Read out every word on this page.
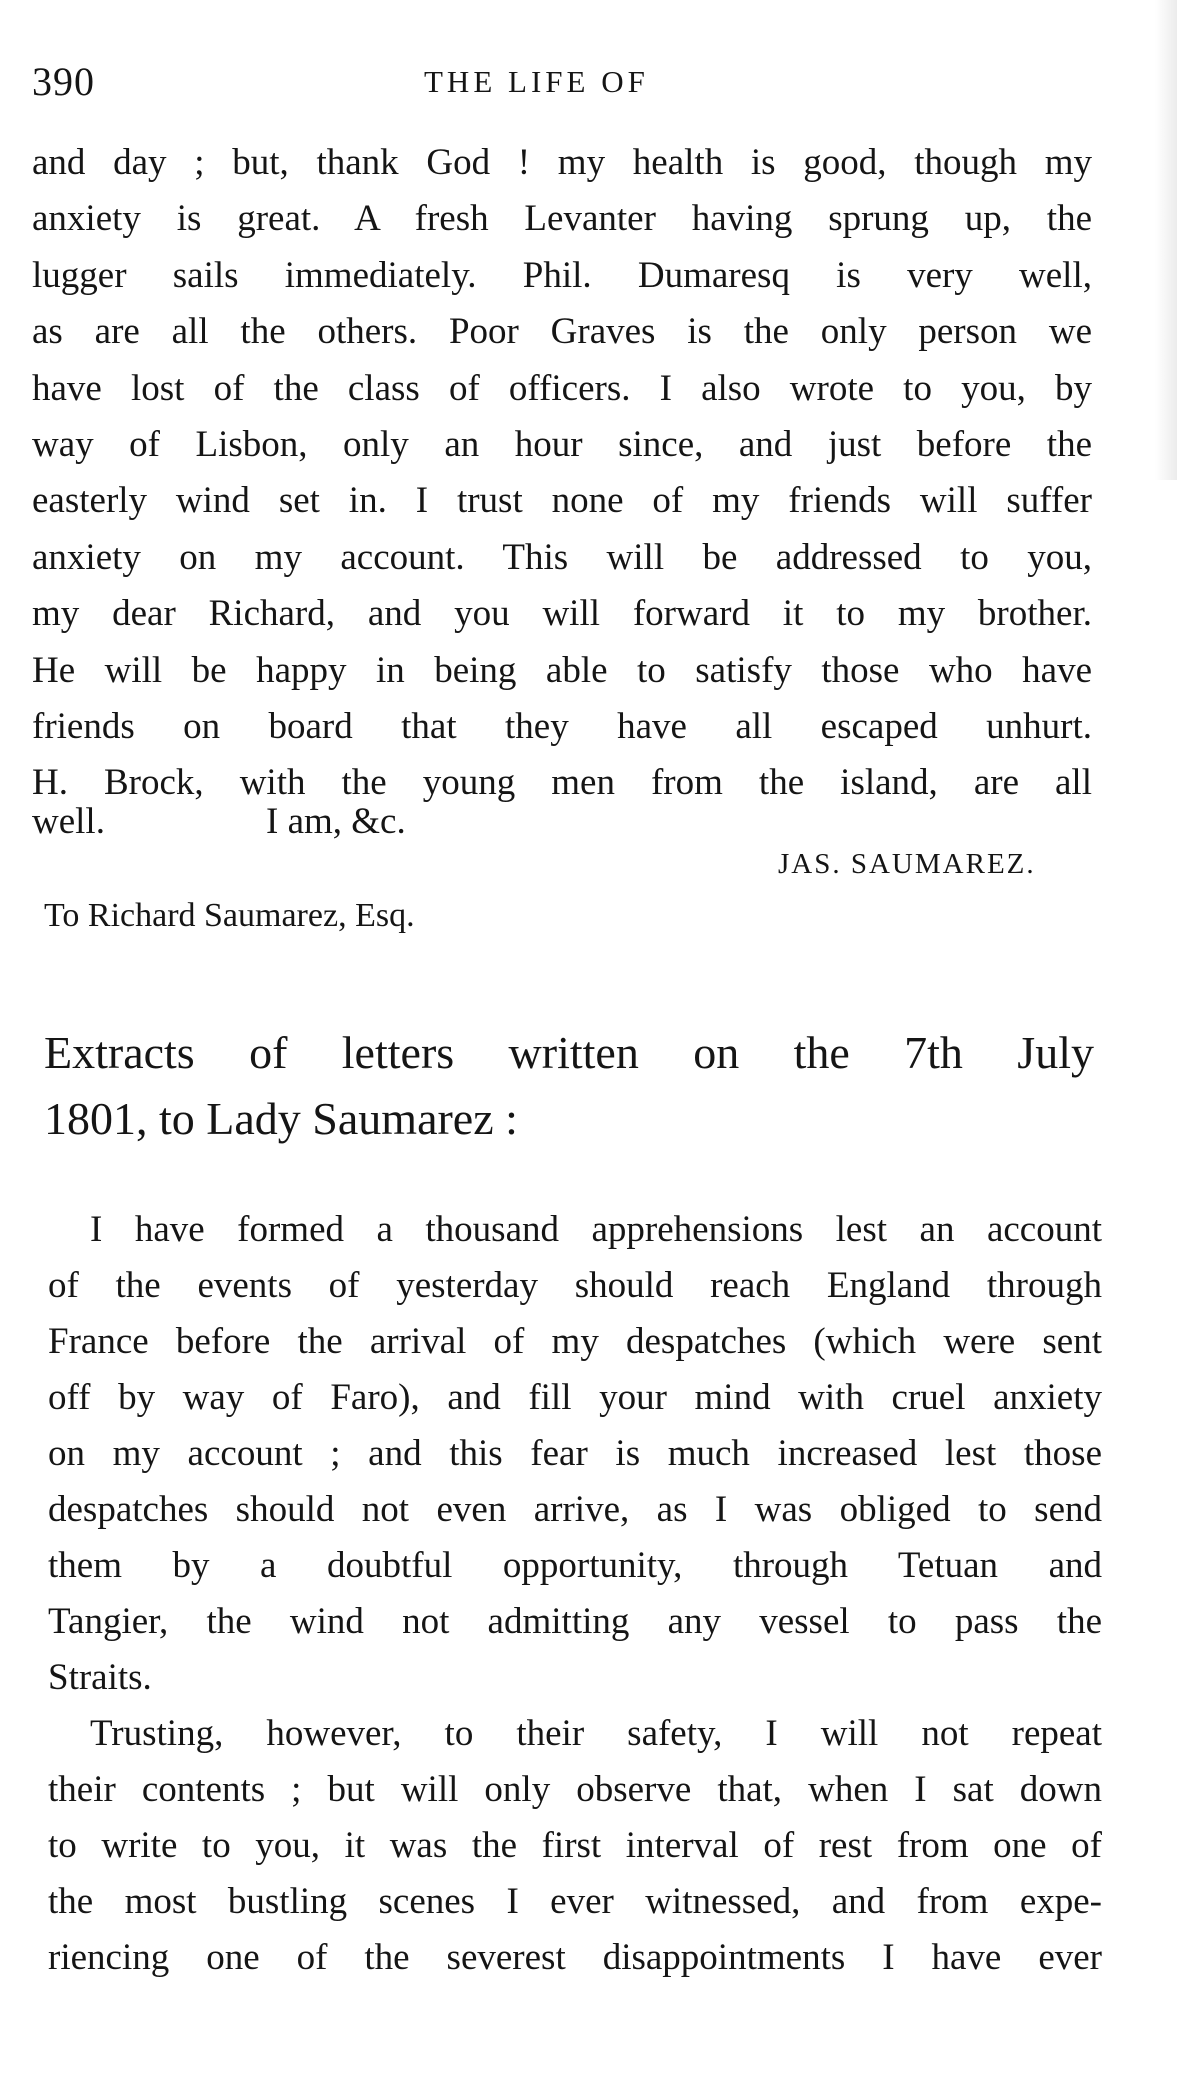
390	THE LIFE OF
and day ; but, thank God ! my health is good, though my
anxiety is great. A fresh Levanter having sprung up, the
lugger sails immediately. Phil. Dumaresq is very well,
as are all the others. Poor Graves is the only person we
have lost of the class of officers. I also wrote to you, by
way of Lisbon, only an hour since, and just before the
easterly wind set in. I trust none of my friends will suffer
anxiety on my account. This will be addressed to you,
my dear Richard, and you will forward it to my brother.
He will be happy in being able to satisfy those who have
friends on board that they have all escaped unhurt.
H. Brock, with the young men from the island, are all
well.	I am, &c.
JAS. SAUMAREZ.
To Richard Saumarez, Esq.
Extracts of letters written on the 7th July
1801, to Lady Saumarez :
I have formed a thousand apprehensions lest an account
of the events of yesterday should reach England through
France before the arrival of my despatches (which were sent
off by way of Faro), and fill your mind with cruel anxiety
on my account ; and this fear is much increased lest those
despatches should not even arrive, as I was obliged to send
them by a doubtful opportunity, through Tetuan and
Tangier, the wind not admitting any vessel to pass the
Straits.
Trusting, however, to their safety, I will not repeat
their contents ; but will only observe that, when I sat down
to write to you, it was the first interval of rest from one of
the most bustling scenes I ever witnessed, and from expe-
riencing one of the severest disappointments I have ever
